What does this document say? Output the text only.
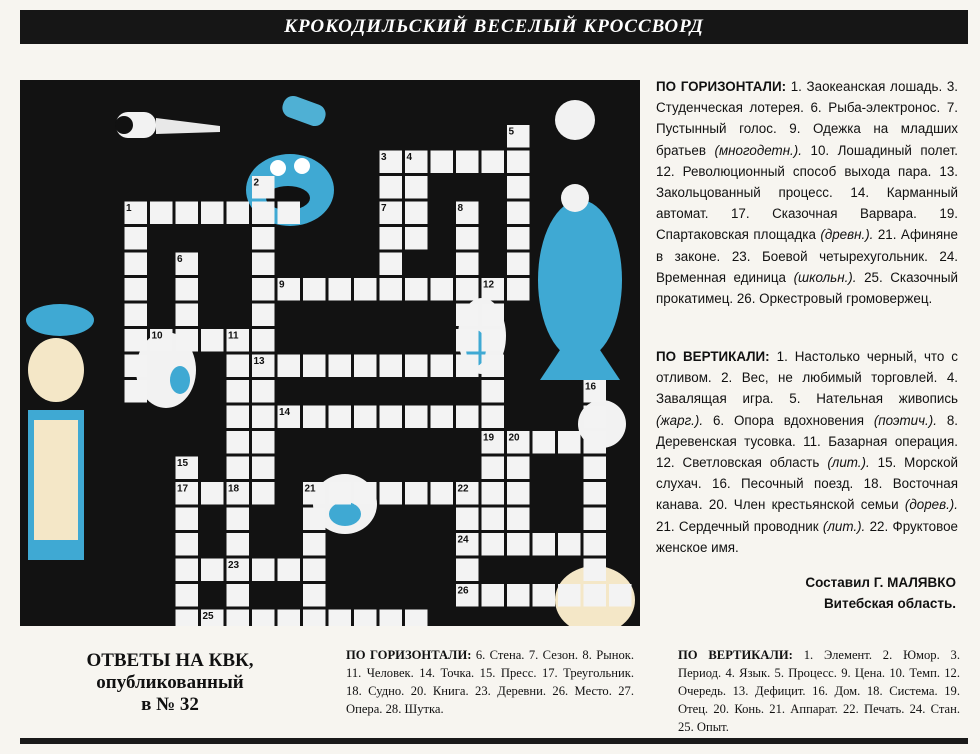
КРОКОДИЛЬСКИЙ ВЕСЕЛЫЙ КРОССВОРД
1
2
3 4
5
6
7	8
9
10	11
12
13
14
15
16
17	18
19 20
21	22
23
24
25
26
ПО ГОРИЗОНТАЛИ: 1. Заокеанская лошадь. 3. Студенческая лотерея. 6. Рыба-электронос. 7. Пустынный голос. 9. Одежка на младших братьев (многодетн.). 10. Лошадиный полет. 12. Революционный способ выхода пара. 13. Закольцованный процесс. 14. Карманный автомат. 17. Сказочная Варвара. 19. Спартаковская площадка (древн.). 21. Афиняне в законе. 23. Боевой четырехугольник. 24. Временная единица (школьн.). 25. Сказочный прокатимец. 26. Оркестровый громовержец.
ПО ВЕРТИКАЛИ: 1. Настолько черный, что с отливом. 2. Вес, не любимый торговлей. 4. Завалящая игра. 5. Нательная живопись (жарг.). 6. Опора вдохновения (поэтич.). 8. Деревенская тусовка. 11. Базарная операция. 12. Светловская область (лит.). 15. Морской слухач. 16. Песочный поезд. 18. Восточная канава. 20. Член крестьянской семьи (дорев.). 21. Сердечный проводник (лит.). 22. Фруктовое женское имя.
Составил Г. МАЛЯВКО
Витебская область.
ОТВЕТЫ НА КВК,
опубликованный
в № 32
ПО ГОРИЗОНТАЛИ: 6. Стена. 7. Сезон. 8. Рынок. 11. Человек. 14. Точка. 15. Пресс. 17. Треугольник. 18. Судно. 20. Книга. 23. Деревни. 26. Место. 27. Опера. 28. Шутка.
ПО ВЕРТИКАЛИ: 1. Элемент. 2. Юмор. 3. Период. 4. Язык. 5. Процесс. 9. Цена. 10. Темп. 12. Очередь. 13. Дефицит. 16. Дом. 18. Система. 19. Отец. 20. Конь. 21. Аппарат. 22. Печать. 24. Стан. 25. Опыт.
